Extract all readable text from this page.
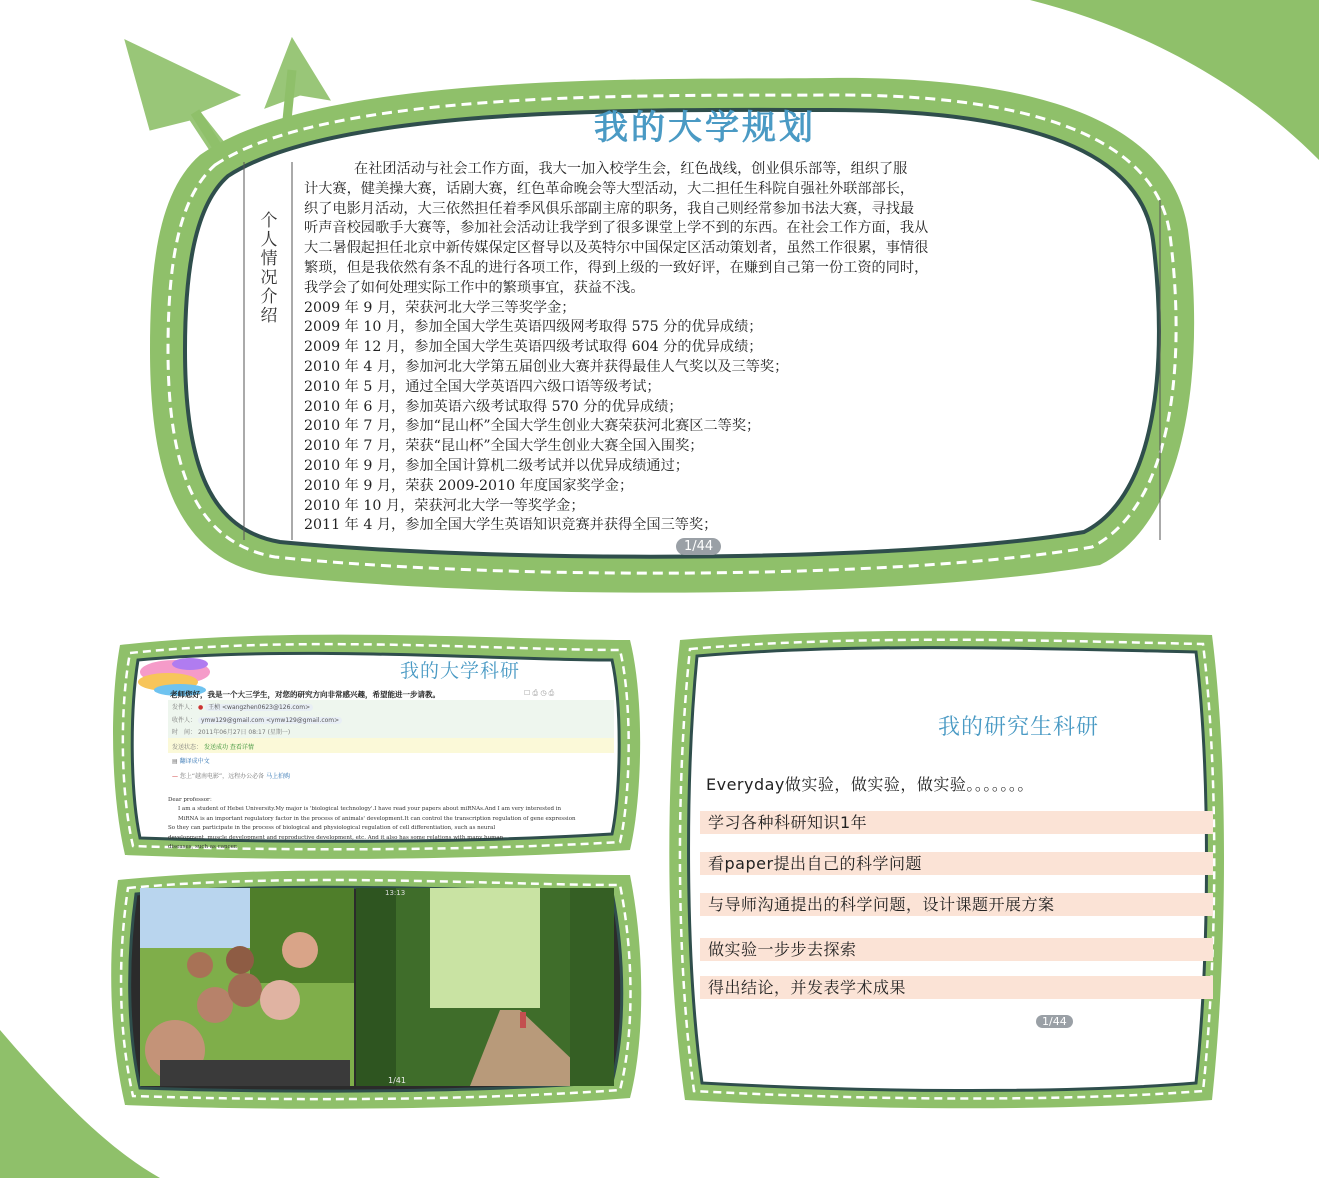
我的大学规划
个人情况介绍

在社团活动与社会工作方面，我大一加入校学生会，红色战线，创业俱乐部等，组织了服

计大赛，健美操大赛，话剧大赛，红色革命晚会等大型活动，大二担任生科院自强社外联部部长，

织了电影月活动，大三依然担任着季风俱乐部副主席的职务，我自己则经常参加书法大赛，寻找最

听声音校园歌手大赛等，参加社会活动让我学到了很多课堂上学不到的东西。在社会工作方面，我从

大二暑假起担任北京中新传媒保定区督导以及英特尔中国保定区活动策划者，虽然工作很累，事情很

繁琐，但是我依然有条不乱的进行各项工作，得到上级的一致好评，在赚到自己第一份工资的同时，

我学会了如何处理实际工作中的繁琐事宜，获益不浅。

2009 年 9 月，荣获河北大学三等奖学金；

2009 年 10 月，参加全国大学生英语四级网考取得 575 分的优异成绩；

2009 年 12 月，参加全国大学生英语四级考试取得 604 分的优异成绩；

2010 年 4 月，参加河北大学第五届创业大赛并获得最佳人气奖以及三等奖；

2010 年 5 月，通过全国大学英语四六级口语等级考试；

2010 年 6 月，参加英语六级考试取得 570 分的优异成绩；

2010 年 7 月，参加“昆山杯”全国大学生创业大赛荣获河北赛区二等奖；

2010 年 7 月，荣获“昆山杯”全国大学生创业大赛全国入围奖；

2010 年 9 月，参加全国计算机二级考试并以优异成绩通过；

2010 年 9 月，荣获 2009-2010 年度国家奖学金；

2010 年 10 月，荣获河北大学一等奖学金；

2011 年 4 月，参加全国大学生英语知识竞赛并获得全国三等奖；

1/44
我的大学科研
老师您好，我是一个大三学生，对您的研究方向非常感兴趣，希望能进一步请教。	☐ ⎙ ◷ ⎙
发件人： ● 王桢 <wangzhen0623@126.com>
收件人： ymw129@gmail.com <ymw129@gmail.com>
时　间： 2011年06月27日 08:17 (星期一)
发送状态： 发送成功 查看详情
▤ 翻译成中文
— 您上“越南电影”，远程办公必备 马上拍购

Dear professor：

I am a student of Hebei University.My major is 'biological technology'.I have read your papers about miRNAs.And I am very interested in

MiRNA is an important regulatory factor in the process of animals' development.It can control the transcription regulation of gene expression

So they can participate in the process of biological and physiological regulation of cell differentiation, such as neural

development, muscle development and reproductive development, etc. And it also has some relations with many human

diseases, such as cancer.

13:13
1/41
我的研究生科研
Everyday做实验，做实验，做实验。。。。。。。
学习各种科研知识1年
看paper提出自己的科学问题
与导师沟通提出的科学问题，设计课题开展方案
做实验一步步去探索
得出结论，并发表学术成果
1/44
